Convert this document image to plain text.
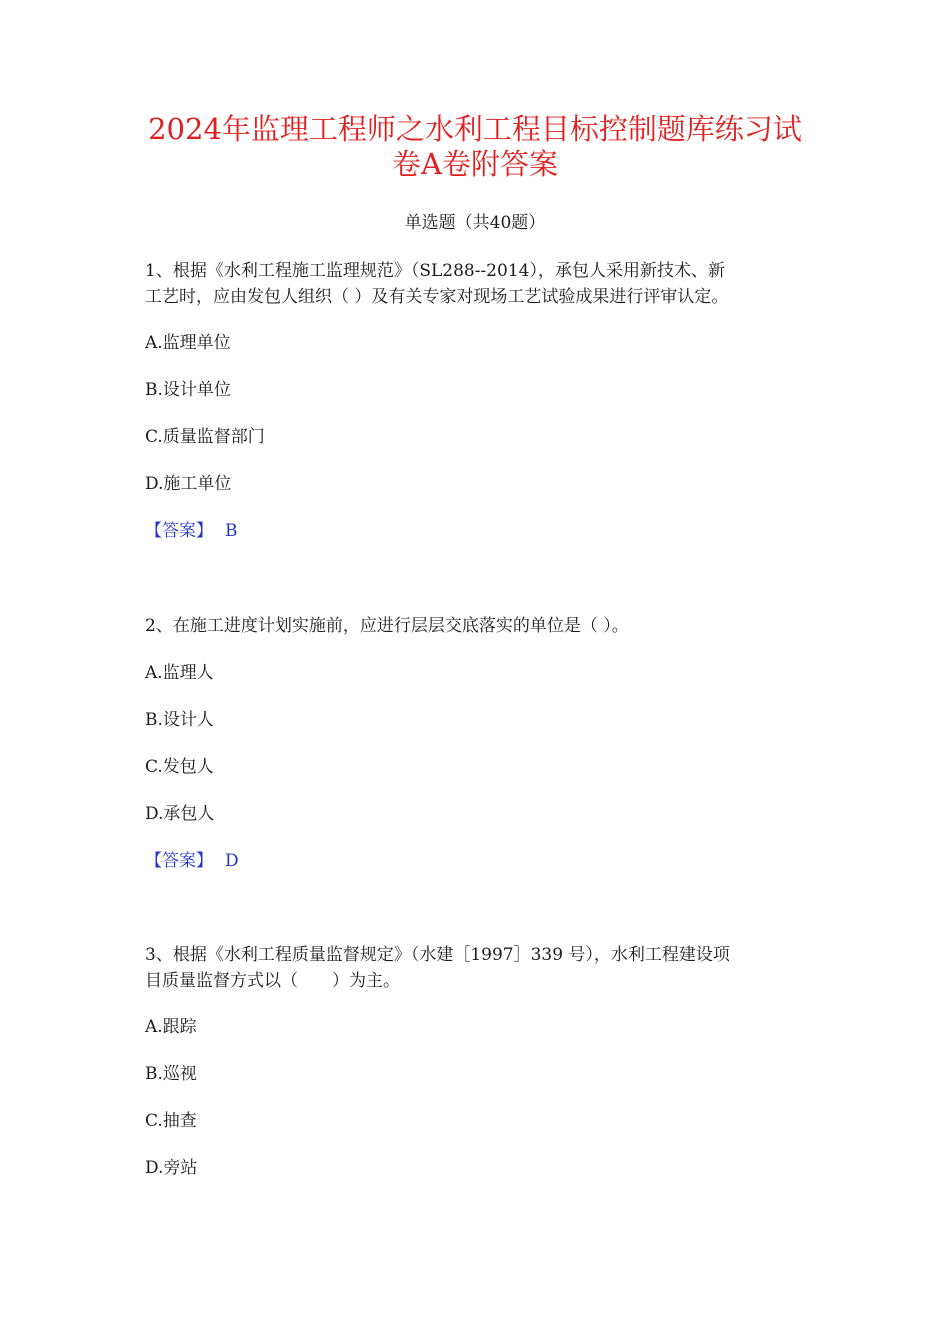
2024年监理工程师之水利工程目标控制题库练习试
卷A卷附答案
单选题（共40题）
1、根据《水利工程施工监理规范》（SL288--2014），承包人采用新技术、新
工艺时，应由发包人组织（ ）及有关专家对现场工艺试验成果进行评审认定。
A.监理单位
B.设计单位
C.质量监督部门
D.施工单位
【答案】 B
2、在施工进度计划实施前，应进行层层交底落实的单位是（ ）。
A.监理人
B.设计人
C.发包人
D.承包人
【答案】 D
3、根据《水利工程质量监督规定》（水建［1997］339 号），水利工程建设项
目质量监督方式以（　　）为主。
A.跟踪
B.巡视
C.抽查
D.旁站
